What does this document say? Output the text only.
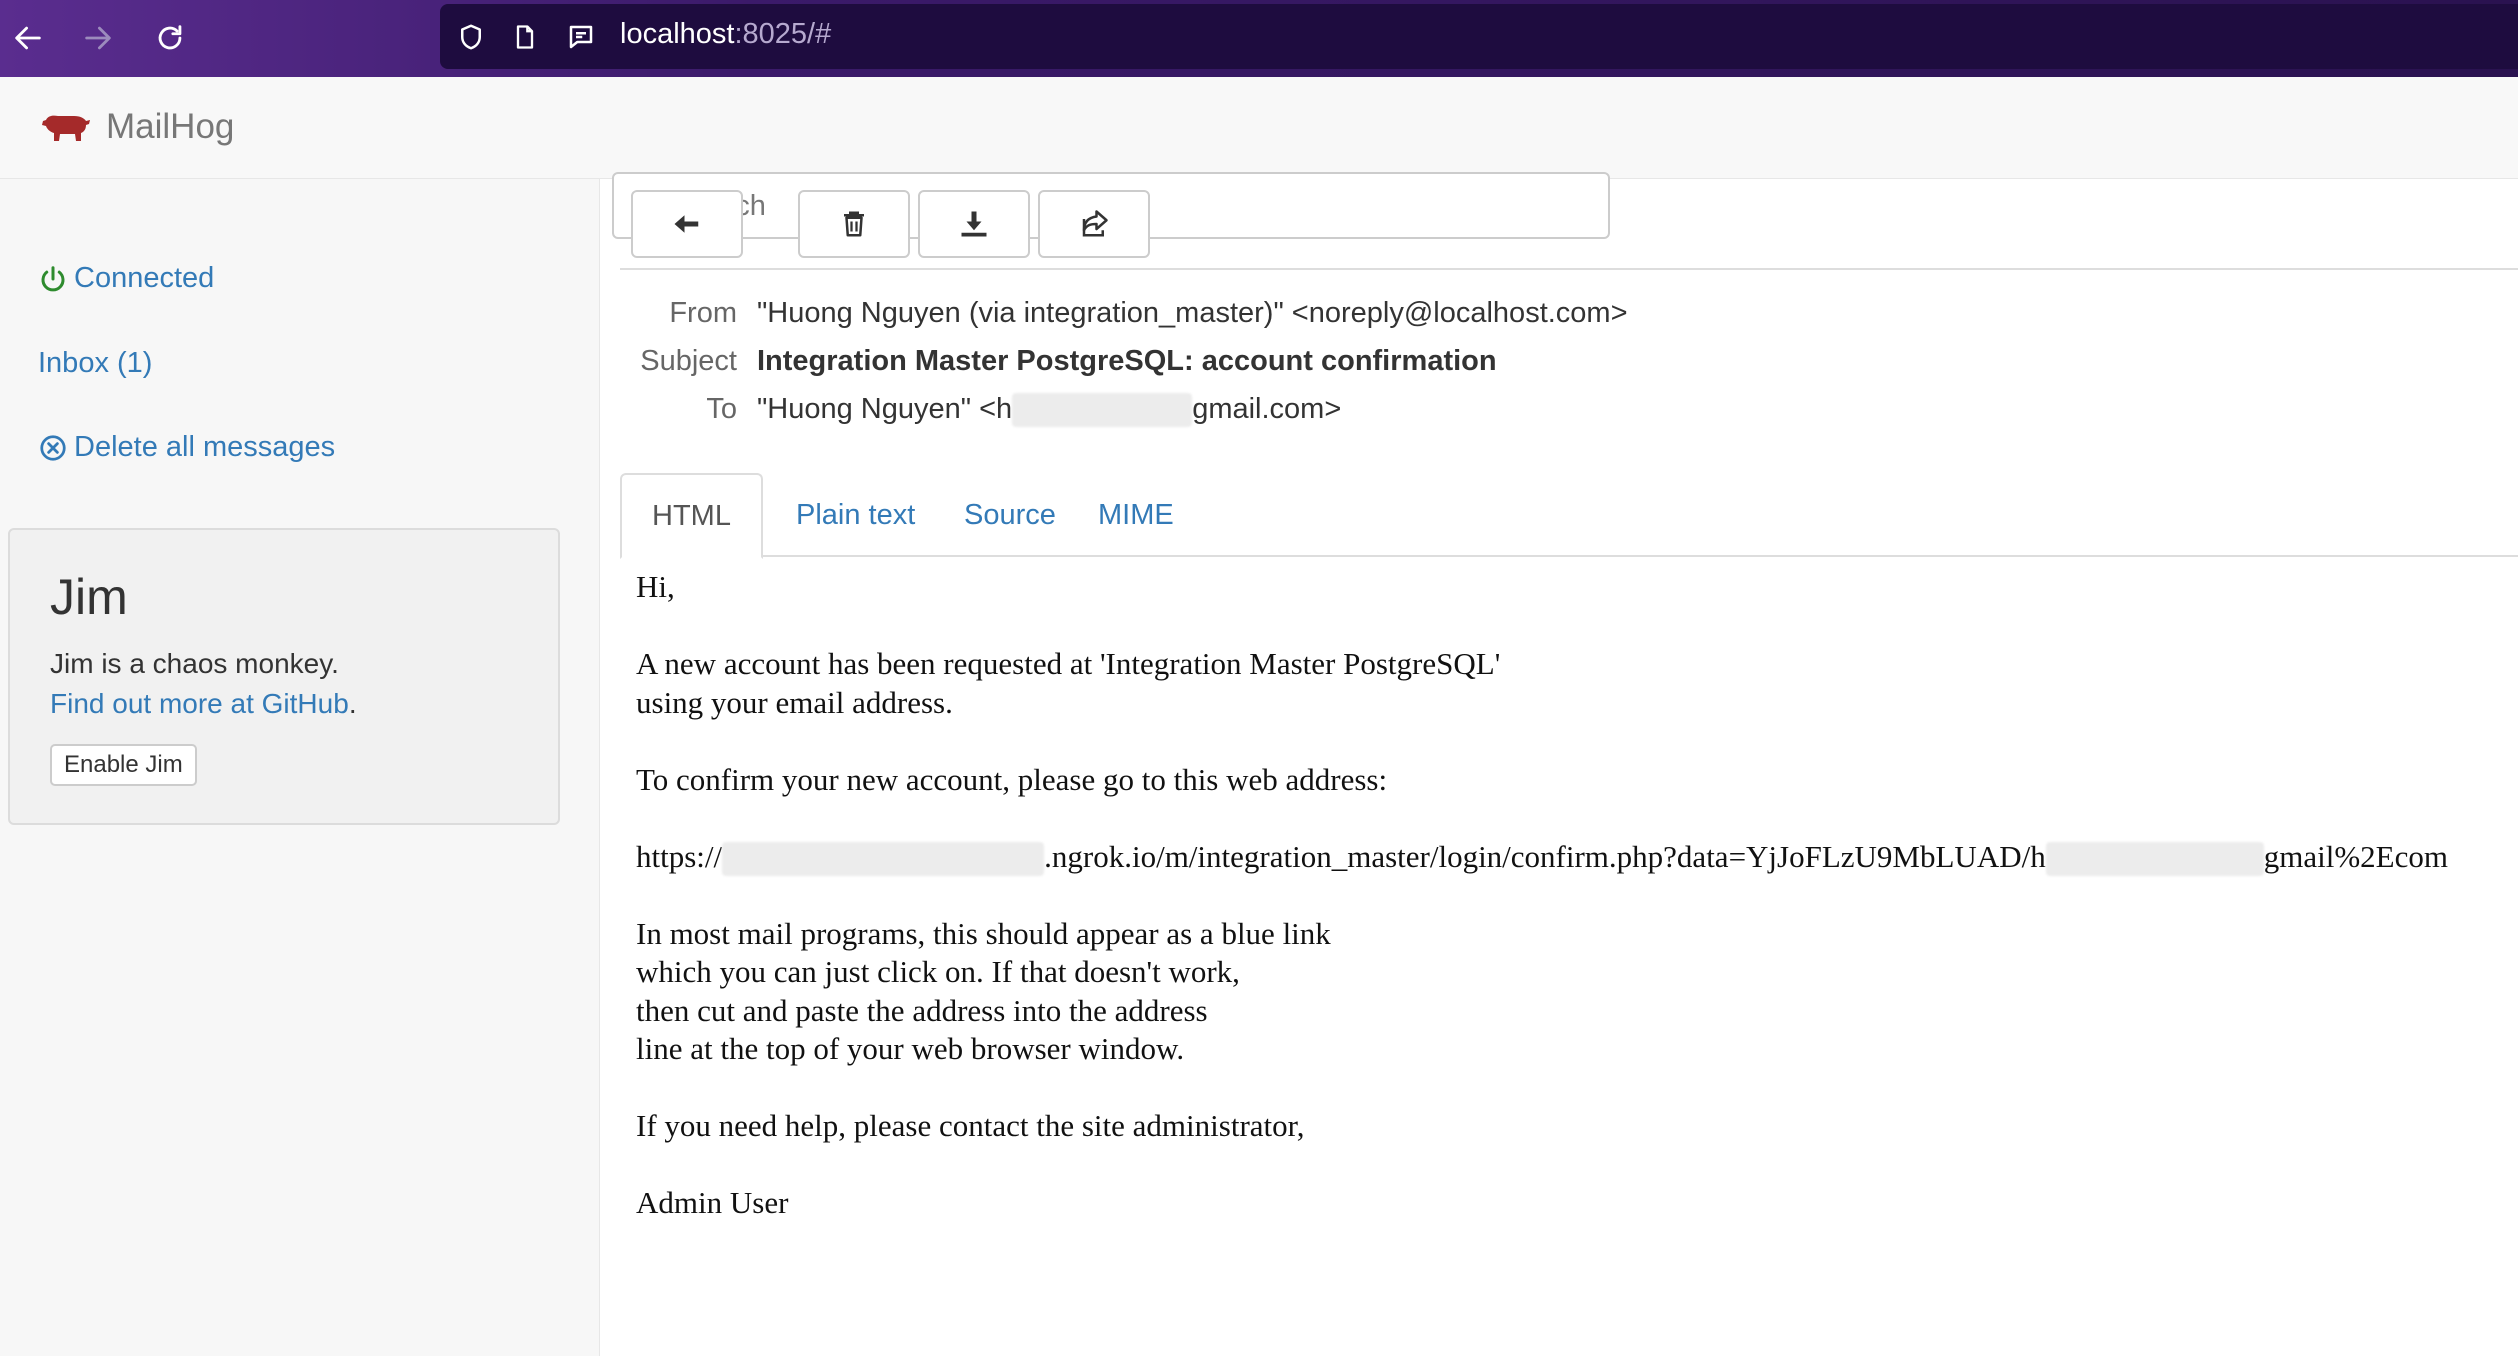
localhost:8025/#
MailHog
Search
Connected
Inbox (1)
Delete all messages
Jim
Jim is a chaos monkey.
Find out more at GitHub.
Enable Jim
From "Huong Nguyen (via integration_master)" <noreply@localhost.com>
Subject Integration Master PostgreSQL: account confirmation
To "Huong Nguyen" <h	gmail.com>
HTML	Plain text	Source	MIME

Hi,

A new account has been requested at 'Integration Master PostgreSQL'
using your email address.

To confirm your new account, please go to this web address:

https://	.ngrok.io/m/integration_master/login/confirm.php?data=YjJoFLzU9MbLUAD/h	gmail%2Ecom

In most mail programs, this should appear as a blue link
which you can just click on. If that doesn't work,
then cut and paste the address into the address
line at the top of your web browser window.

If you need help, please contact the site administrator,

Admin User
